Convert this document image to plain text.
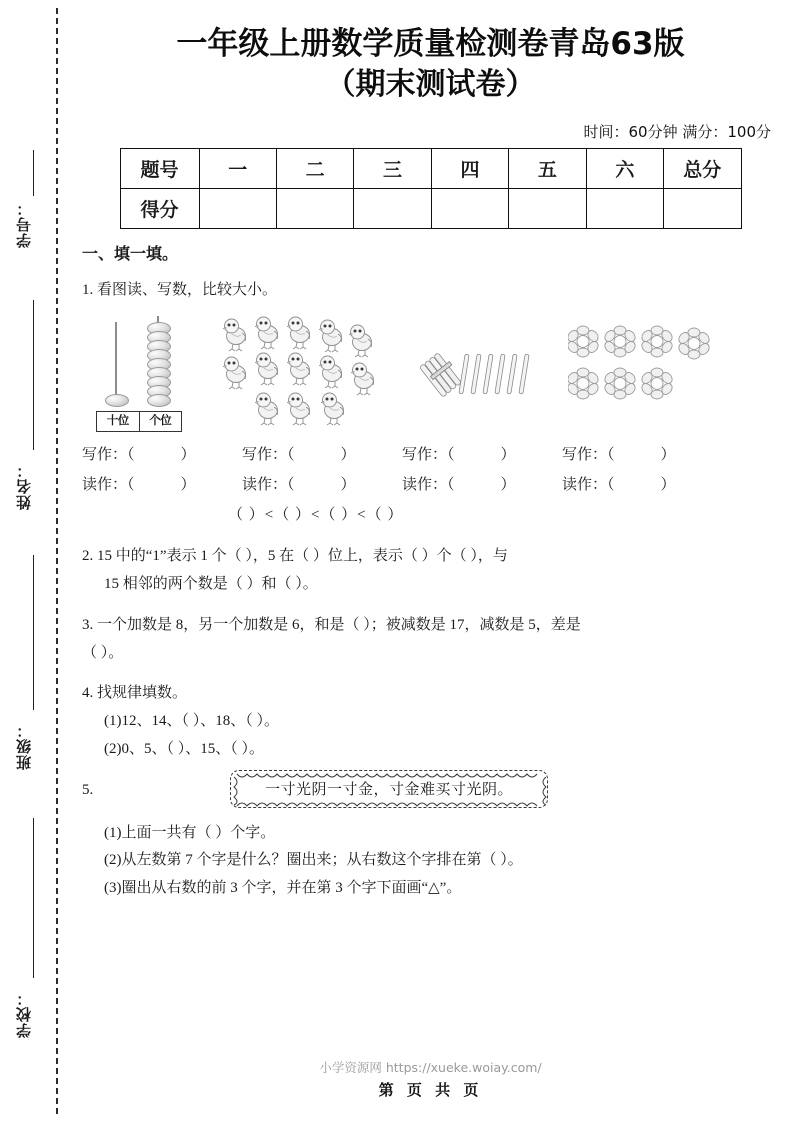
学号：
姓名：
班级：
学校：
一年级上册数学质量检测卷青岛63版
（期末测试卷）
时间：60分钟 满分：100分
题号	一	二	三	四	五	六	总分
得分							
一、填一填。
1. 看图读、写数，比较大小。
十位	个位
写作：（	）	写作：（	）	写作：（	）	写作：（	）
读作：（	）	读作：（	）	读作：（	）	读作：（	）
（ ）<（ ）<（ ）<（ ）
2. 15 中的“1”表示 1 个（ ），5 在（ ）位上，表示（ ）个（ ），与
15 相邻的两个数是（ ）和（ ）。
3. 一个加数是 8，另一个加数是 6，和是（ ）；被减数是 17，减数是 5，差是
（ ）。
4. 找规律填数。
(1)12、14、（ ）、18、（ ）。
(2)0、5、（ ）、15、（ ）。
5.	一寸光阴一寸金，寸金难买寸光阴。
(1)上面一共有（ ）个字。
(2)从左数第 7 个字是什么？圈出来；从右数这个字排在第（ ）。
(3)圈出从右数的前 3 个字，并在第 3 个字下面画“△”。
小学资源网 https://xueke.woiay.com/
第 页 共 页
